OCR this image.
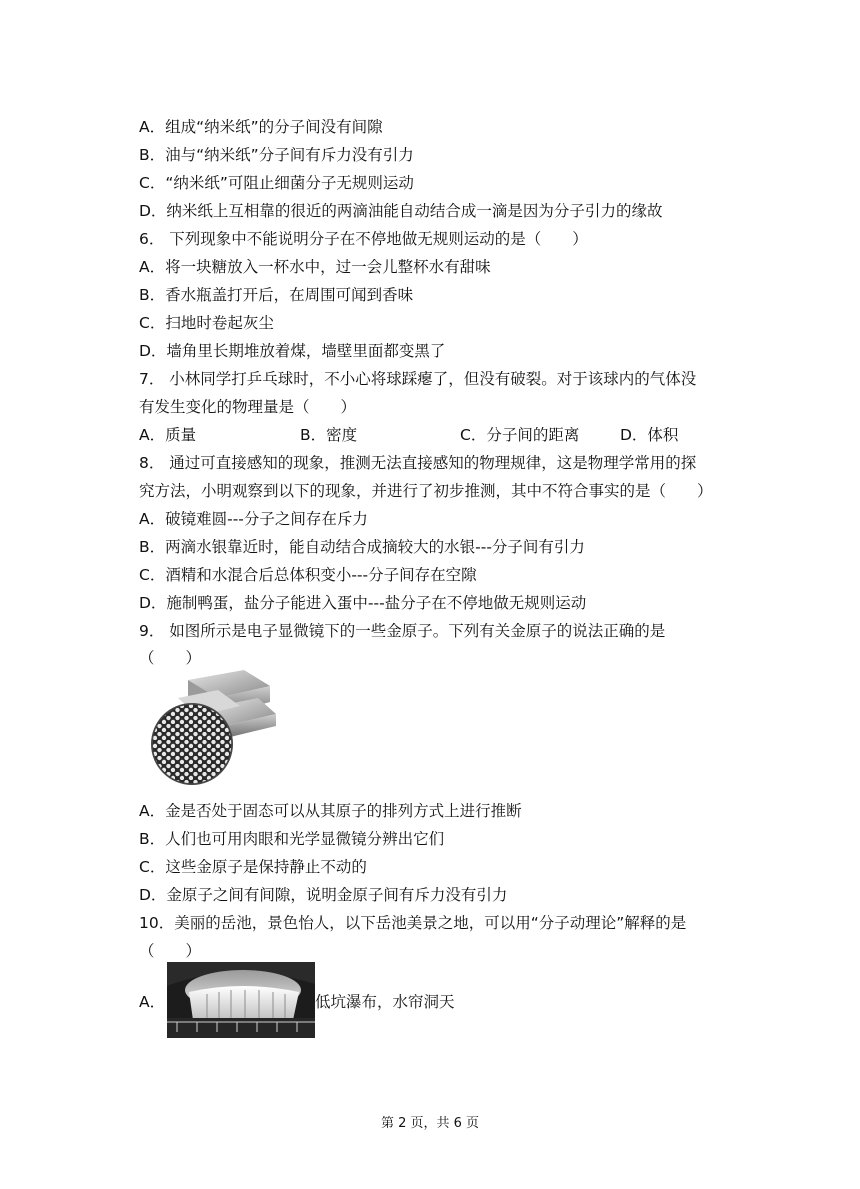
A．组成“纳米纸”的分子间没有间隙
B．油与“纳米纸”分子间有斥力没有引力
C．“纳米纸”可阻止细菌分子无规则运动
D．纳米纸上互相靠的很近的两滴油能自动结合成一滴是因为分子引力的缘故
6． 下列现象中不能说明分子在不停地做无规则运动的是（　　）
A．将一块糖放入一杯水中，过一会儿整杯水有甜味
B．香水瓶盖打开后，在周围可闻到香味
C．扫地时卷起灰尘
D．墙角里长期堆放着煤，墙壁里面都变黑了
7． 小林同学打乒乓球时，不小心将球踩瘪了，但没有破裂。对于该球内的气体没
有发生变化的物理量是（　　）
A．质量	B．密度	C．分子间的距离	D．体积
8． 通过可直接感知的现象，推测无法直接感知的物理规律，这是物理学常用的探
究方法，小明观察到以下的现象，并进行了初步推测，其中不符合事实的是（　　）
A．破镜难圆---分子之间存在斥力
B．两滴水银靠近时，能自动结合成摘较大的水银---分子间有引力
C．酒精和水混合后总体积变小---分子间存在空隙
D．施制鸭蛋，盐分子能进入蛋中---盐分子在不停地做无规则运动
9． 如图所示是电子显微镜下的一些金原子。下列有关金原子的说法正确的是
（　　）
A．金是否处于固态可以从其原子的排列方式上进行推断
B．人们也可用肉眼和光学显微镜分辨出它们
C．这些金原子是保持静止不动的
D．金原子之间有间隙，说明金原子间有斥力没有引力
10．美丽的岳池，景色怡人，以下岳池美景之地，可以用“分子动理论”解释的是
（　　）
A．	低坑瀑布，水帘洞天
第 2 页，共 6 页
